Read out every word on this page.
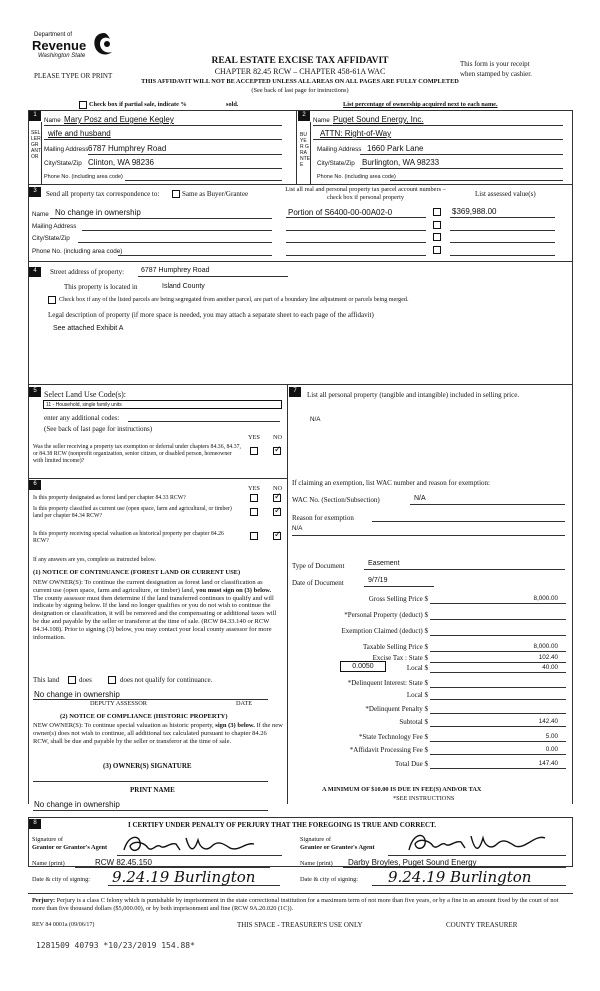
Department of
Revenue
Washington State	REAL ESTATE EXCISE TAX AFFIDAVIT
CHAPTER 82.45 RCW – CHAPTER 458-61A WAC
PLEASE TYPE OR PRINT
THIS AFFIDAVIT WILL NOT BE ACCEPTED UNLESS ALL AREAS ON ALL PAGES ARE FULLY COMPLETED
(See back of last page for instructions)
This form is your receipt
when stamped by cashier.
Check box if partial sale, indicate %	sold.	List percentage of ownership acquired next to each name.
1
SELLER GRANTOR
Name Mary Posz and Eugene Kegley
wife and husband
Mailing Address 6787 Humphrey Road
City/State/Zip Clinton, WA 98236
Phone No. (including area code)
2
BUYER GRANTEE
Name Puget Sound Energy, Inc.
ATTN: Right-of-Way
Mailing Address 1660 Park Lane
City/State/Zip Burlington, WA 98233
Phone No. (including area code)
3	Send all property tax correspondence to:	Same as Buyer/Grantee
Name No change in ownership
Mailing Address
City/State/Zip
Phone No. (including area code)
List all real and personal property tax parcel account numbers – check box if personal property	List assessed value(s)
Portion of S6400-00-00A02-0	$369,988.00
4	Street address of property: 6787 Humphrey Road
This property is located in	Island County
Check box if any of the listed parcels are being segregated from another parcel, are part of a boundary line adjustment or parcels being merged.
Legal description of property (if more space is needed, you may attach a separate sheet to each page of the affidavit)
See attached Exhibit A
5 Select Land Use Code(s):
11 - Household, single family units
enter any additional codes:
(See back of last page for instructions)
YES NO
Was the seller receiving a property tax exemption or deferral under chapters 84.36, 84.37, or 84.38 RCW (nonprofit organization, senior citizen, or disabled person, homeowner with limited income)?
✓
6
YES NO
Is this property designated as forest land per chapter 84.33 RCW?
✓
Is this property classified as current use (open space, farm and agricultural, or timber) land per chapter 84.34 RCW?
✓
Is this property receiving special valuation as historical property per chapter 84.26 RCW?
✓
If any answers are yes, complete as instructed below.
(1) NOTICE OF CONTINUANCE (FOREST LAND OR CURRENT USE)
NEW OWNER(S): To continue the current designation as forest land or classification as current use (open space, farm and agriculture, or timber) land, you must sign on (3) below. The county assessor must then determine if the land transferred continues to qualify and will indicate by signing below. If the land no longer qualifies or you do not wish to continue the designation or classification, it will be removed and the compensating or additional taxes will be due and payable by the seller or transferor at the time of sale. (RCW 84.33.140 or RCW 84.34.108). Prior to signing (3) below, you may contact your local county assessor for more information.
This land	does	does not qualify for continuance.
No change in ownership
DEPUTY ASSESSOR	DATE
(2) NOTICE OF COMPLIANCE (HISTORIC PROPERTY)
NEW OWNER(S): To continue special valuation as historic property, sign (3) below. If the new owner(s) does not wish to continue, all additional tax calculated pursuant to chapter 84.26 RCW, shall be due and payable by the seller or transferor at the time of sale.
(3) OWNER(S) SIGNATURE
PRINT NAME
No change in ownership
7	List all personal property (tangible and intangible) included in selling price.
N/A
If claiming an exemption, list WAC number and reason for exemption:
WAC No. (Section/Subsection)	N/A
Reason for exemption
N/A
Type of Document	Easement
Date of Document	9/7/19
Gross Selling Price $	8,000.00
*Personal Property (deduct) $
Exemption Claimed (deduct) $
Taxable Selling Price $	8,000.00
Excise Tax : State $	102.40
Local $	40.00
*Delinquent Interest: State $
Local $
*Delinquent Penalty $
Subtotal $	142.40
*State Technology Fee $	5.00
*Affidavit Processing Fee $	0.00
Total Due $	147.40
0.0050
A MINIMUM OF $10.00 IS DUE IN FEE(S) AND/OR TAX
*SEE INSTRUCTIONS
8	I CERTIFY UNDER PENALTY OF PERJURY THAT THE FOREGOING IS TRUE AND CORRECT.
Signature of
Grantor or Grantor's Agent
Signature of
Grantee or Grantee's Agent
Name (print)	RCW 82.45.150	Name (print) Darby Broyles, Puget Sound Energy
Date & city of signing: 9.24.19 Burlington	Date & city of signing: 9.24.19 Burlington
Perjury: Perjury is a class C felony which is punishable by imprisonment in the state correctional institution for a maximum term of not more than five years, or by a fine in an amount fixed by the court of not more than five thousand dollars ($5,000.00), or by both imprisonment and fine (RCW 9A.20.020 (1C)).
REV 84 0001a (09/06/17)	THIS SPACE - TREASURER'S USE ONLY	COUNTY TREASURER
1281509 40793 *10/23/2019 154.88*
